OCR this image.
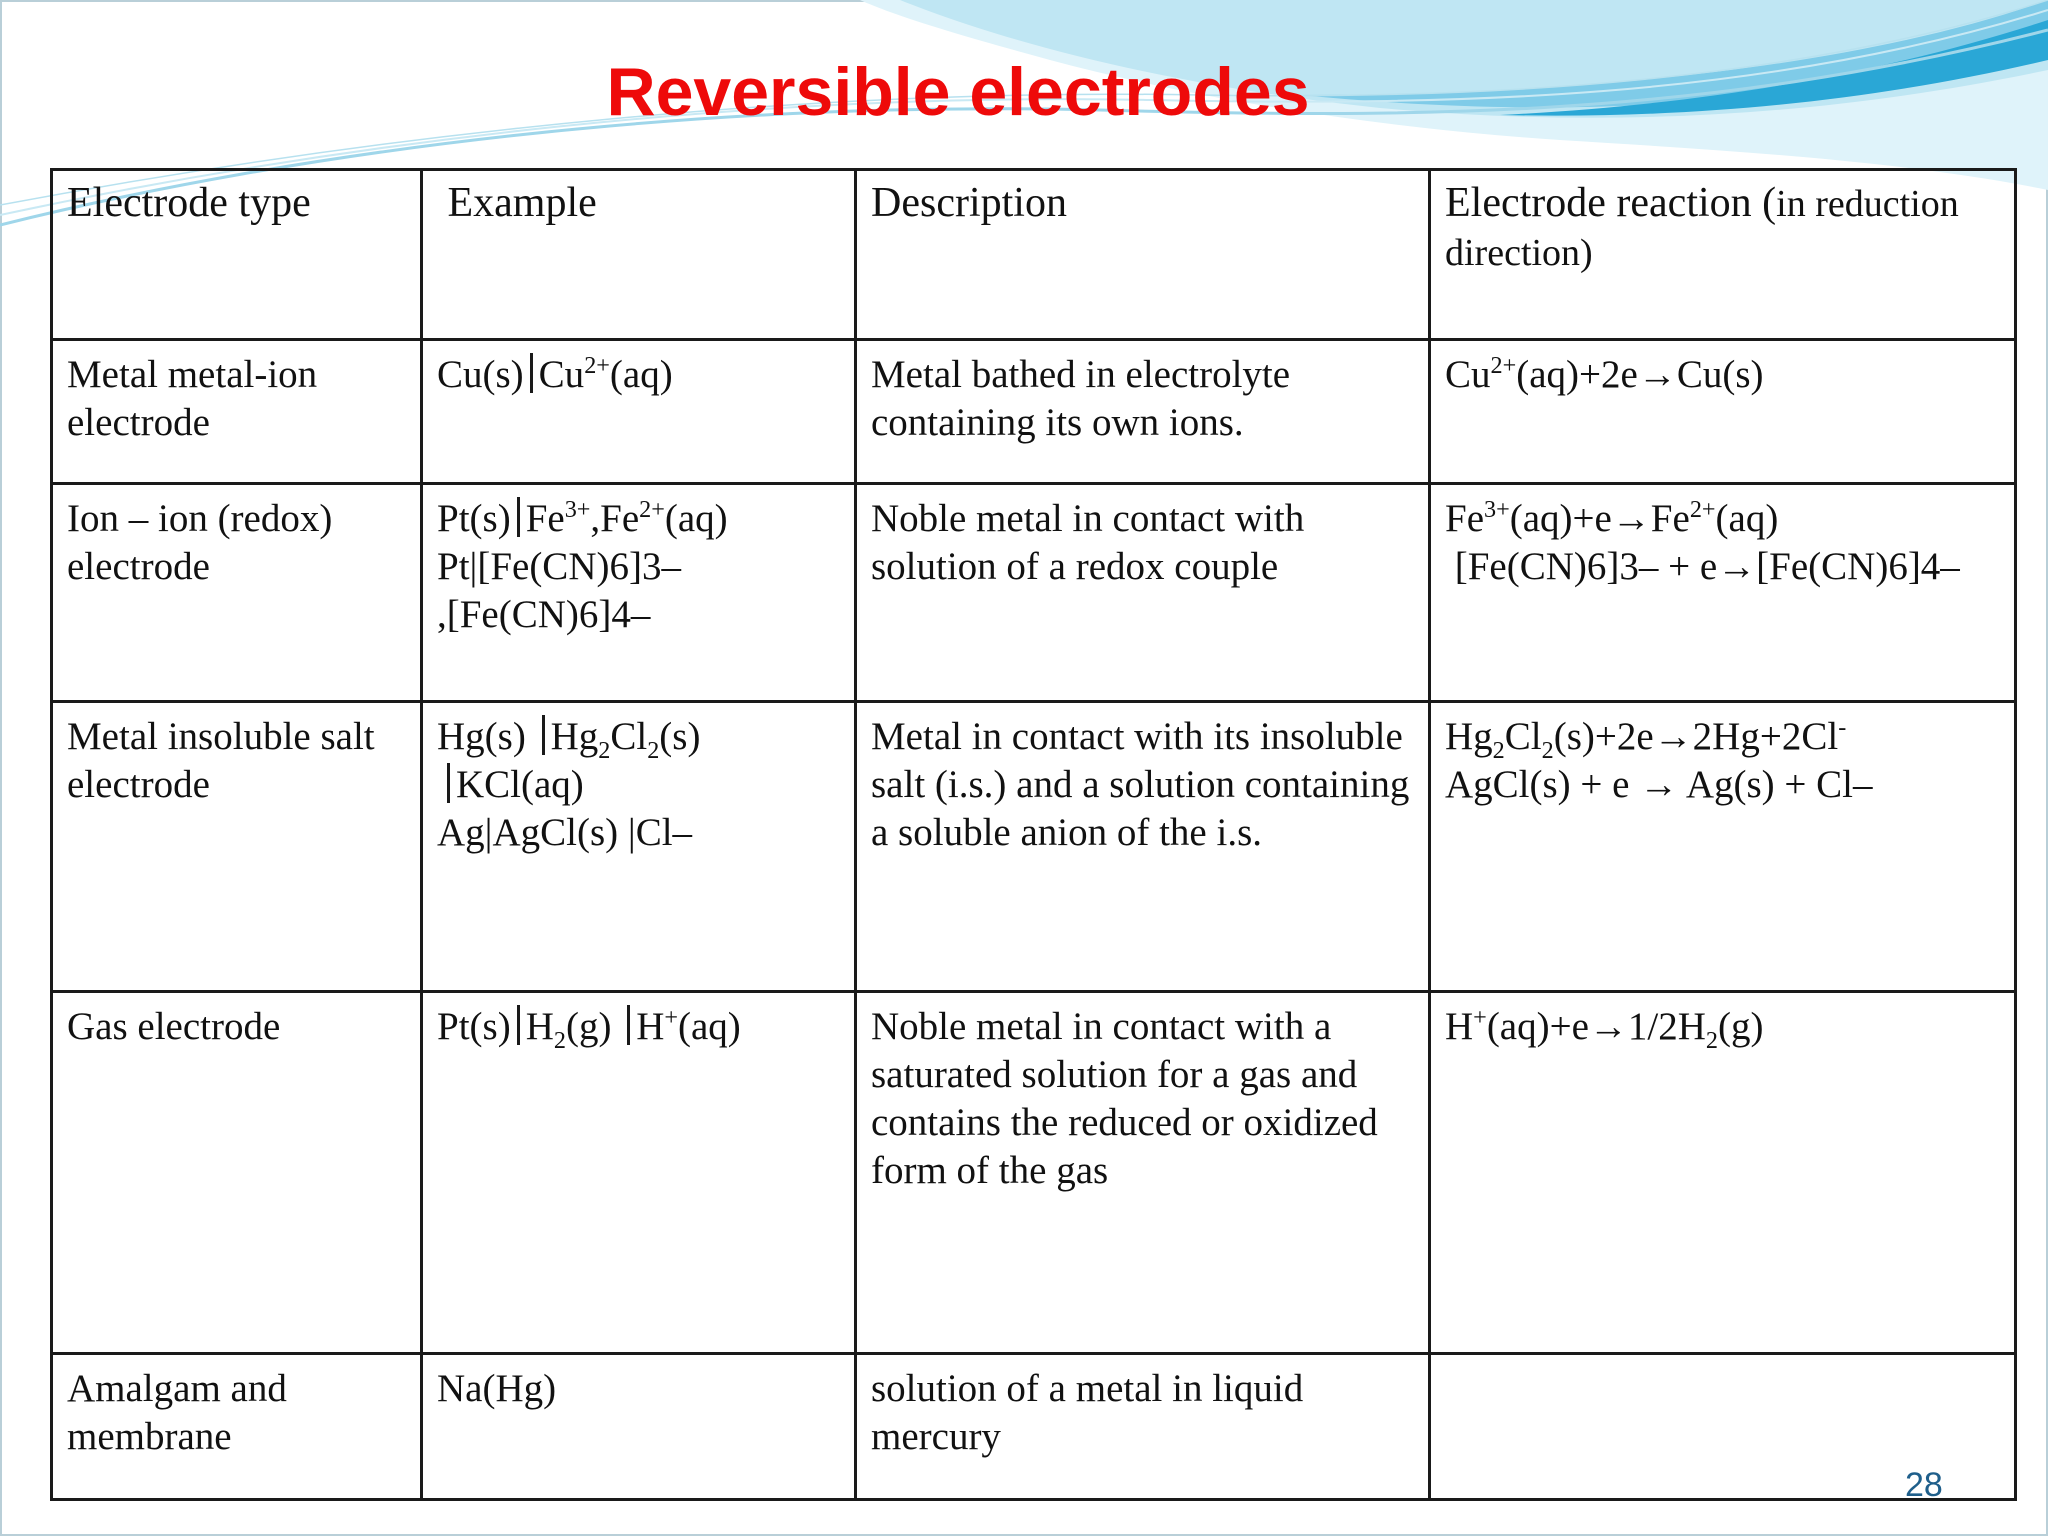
Reversible electrodes
Electrode type	Example	Description	Electrode reaction (in reduction
direction)
Metal metal-ion electrode	Cu(s) $Cu^{2+}(aq)$	Metal bathed in electrolyte containing its own ions.	$Cu^{2+}(aq)+2e\to Cu(s)$

Ion – ion (redox) electrode	Pt(s) $Fe^{3+},Fe^{2+}(aq)$
Pt|[Fe(CN)6]3–
,[Fe(CN)6]4–	Noble metal in contact with solution of a redox couple	$Fe^{3+}(aq)+e\to Fe^{2+}(aq)$
[Fe(CN)6]3– + e→[Fe(CN)6]4–

Metal insoluble salt electrode	Hg(s) $Hg_2Cl_2(s)$
KCl(aq)
Ag|AgCl(s) |Cl–	Metal in contact with its insoluble salt (i.s.) and a solution containing a soluble anion of the i.s.	$Hg_2Cl_2(s)+2e\to 2Hg+2Cl^-$
AgCl(s) + e → Ag(s) + Cl–

Gas electrode	Pt(s) $H_2(g)$ H+(aq)	Noble metal in contact with a saturated solution for a gas and contains the reduced or oxidized form of the gas	$H^+(aq)+e\to 1/2H_2(g)$

Amalgam and membrane	Na(Hg)	solution of a metal in liquid mercury	
28
